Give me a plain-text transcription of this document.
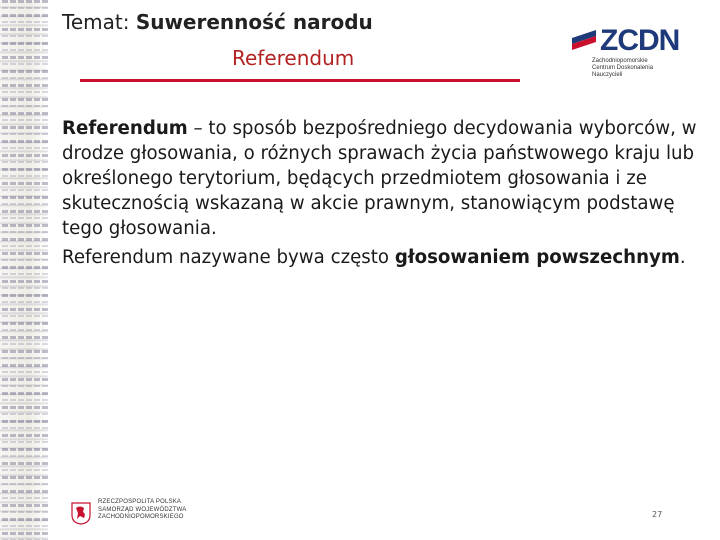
Temat: Suwerenność narodu
Referendum
ZCDN
Zachodniopomorskie
Centrum Doskonalenia Nauczycieli

Referendum – to sposób bezpośredniego decydowania wyborców, w drodze głosowania, o różnych sprawach życia państwowego kraju lub określonego terytorium, będących przedmiotem głosowania i ze skutecznością wskazaną w akcie prawnym, stanowiącym podstawę tego głosowania.

Referendum nazywane bywa często głosowaniem powszechnym.

RZECZPOSPOLITA POLSKA
SAMORZĄD WOJEWÓDZTWA
ZACHODNIOPOMORSKIEGO	27
